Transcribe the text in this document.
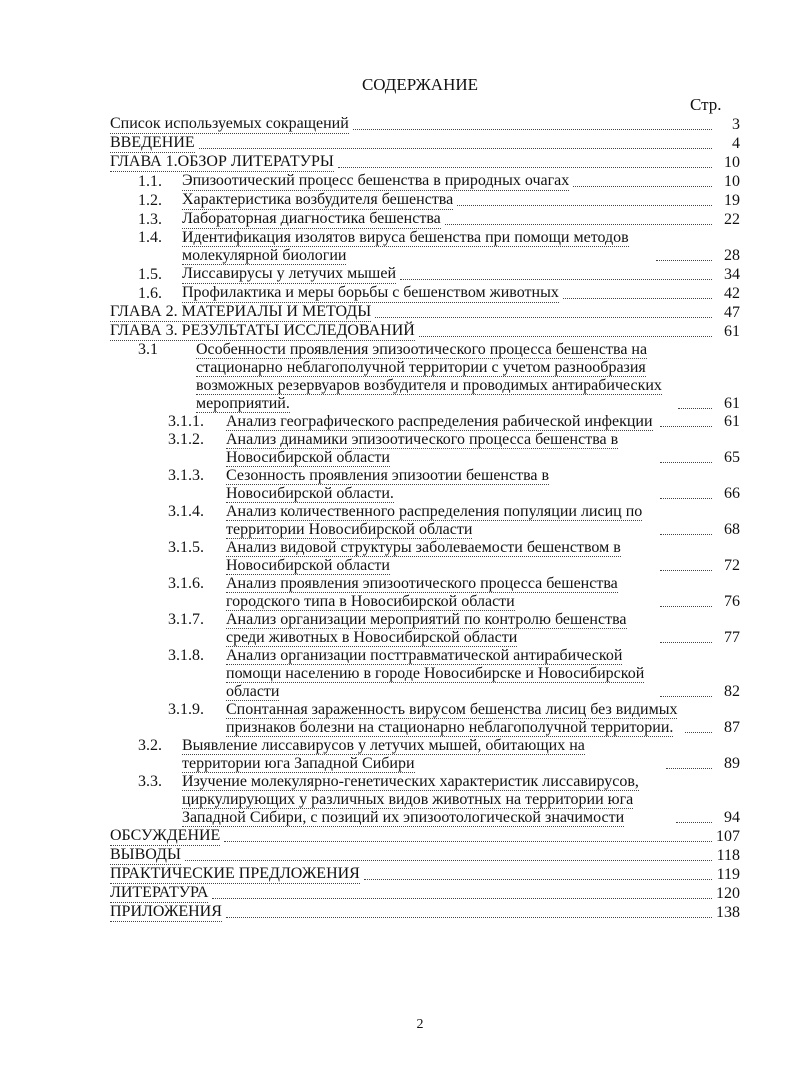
СОДЕРЖАНИЕ
Стр.
Список используемых сокращений	3
ВВЕДЕНИЕ	4
ГЛАВА 1.ОБЗОР ЛИТЕРАТУРЫ	10
1.1.	Эпизоотический процесс бешенства в природных очагах	10
1.2.	Характеристика возбудителя бешенства	19
1.3.	Лабораторная диагностика бешенства	22
1.4.	Идентификация изолятов вируса бешенства при помощи методов молекулярной биологии	28
1.5.	Лиссавирусы у летучих мышей	34
1.6.	Профилактика и меры борьбы с бешенством животных	42
ГЛАВА 2. МАТЕРИАЛЫ И МЕТОДЫ	47
ГЛАВА 3. РЕЗУЛЬТАТЫ ИССЛЕДОВАНИЙ	61
3.1	Особенности проявления эпизоотического процесса бешенства на стационарно неблагополучной территории с учетом разнообразия возможных резервуаров возбудителя и проводимых антирабических мероприятий.	61
3.1.1.	Анализ географического распределения рабической инфекции	61
3.1.2.	Анализ динамики эпизоотического процесса бешенства в Новосибирской области	65
3.1.3.	Сезонность проявления эпизоотии бешенства в Новосибирской области.	66
3.1.4.	Анализ количественного распределения популяции лисиц по территории Новосибирской области	68
3.1.5.	Анализ видовой структуры заболеваемости бешенством в Новосибирской области	72
3.1.6.	Анализ проявления эпизоотического процесса бешенства городского типа в Новосибирской области	76
3.1.7.	Анализ организации мероприятий по контролю бешенства среди животных в Новосибирской области	77
3.1.8.	Анализ организации посттравматической антирабической помощи населению в городе Новосибирске и Новосибирской области	82
3.1.9.	Спонтанная зараженность вирусом бешенства лисиц без видимых признаков болезни на стационарно неблагополучной территории.	87
3.2.	Выявление лиссавирусов у летучих мышей, обитающих на территории юга Западной Сибири	89
3.3.	Изучение молекулярно-генетических характеристик лиссавирусов, циркулирующих у различных видов животных на территории юга Западной Сибири, с позиций их эпизоотологической значимости	94
ОБСУЖДЕНИЕ	107
ВЫВОДЫ	118
ПРАКТИЧЕСКИЕ ПРЕДЛОЖЕНИЯ	119
ЛИТЕРАТУРА	120
ПРИЛОЖЕНИЯ	138
2
